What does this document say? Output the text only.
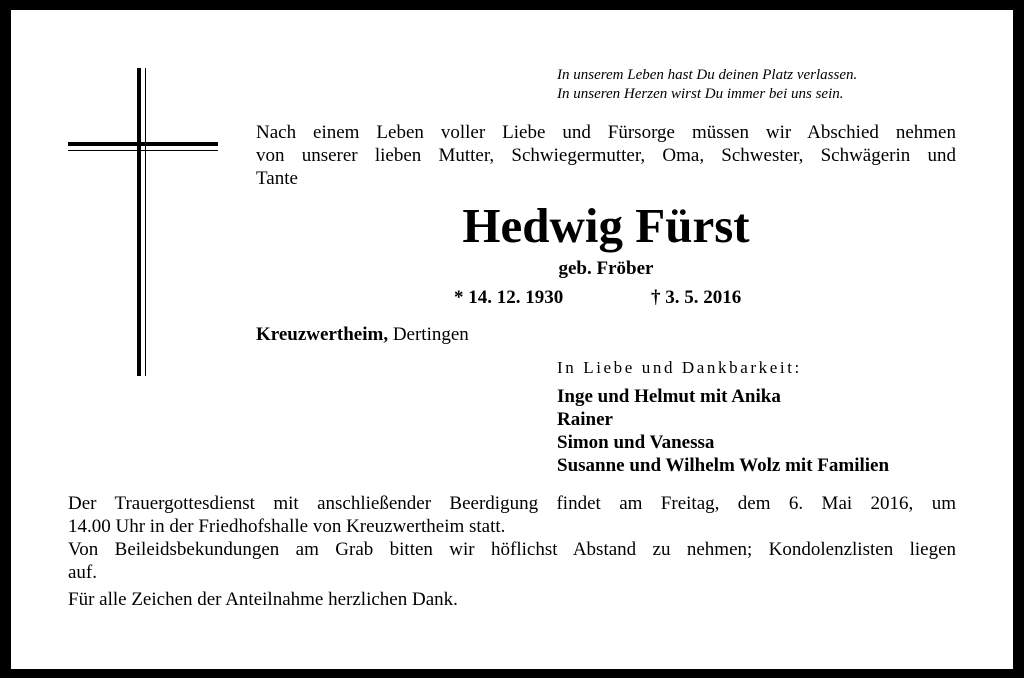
In unserem Leben hast Du deinen Platz verlassen.
In unseren Herzen wirst Du immer bei uns sein.
Nach einem Leben voller Liebe und Fürsorge müssen wir Abschied nehmen
von unserer lieben Mutter, Schwiegermutter, Oma, Schwester, Schwägerin und
Tante
Hedwig Fürst
geb. Fröber
* 14. 12. 1930	† 3. 5. 2016
Kreuzwertheim, Dertingen
In Liebe und Dankbarkeit:
Inge und Helmut mit Anika
Rainer
Simon und Vanessa
Susanne und Wilhelm Wolz mit Familien
Der Trauergottesdienst mit anschließender Beerdigung findet am Freitag, dem 6. Mai 2016, um
14.00 Uhr in der Friedhofshalle von Kreuzwertheim statt.
Von Beileidsbekundungen am Grab bitten wir höflichst Abstand zu nehmen; Kondolenzlisten liegen
auf.
Für alle Zeichen der Anteilnahme herzlichen Dank.
